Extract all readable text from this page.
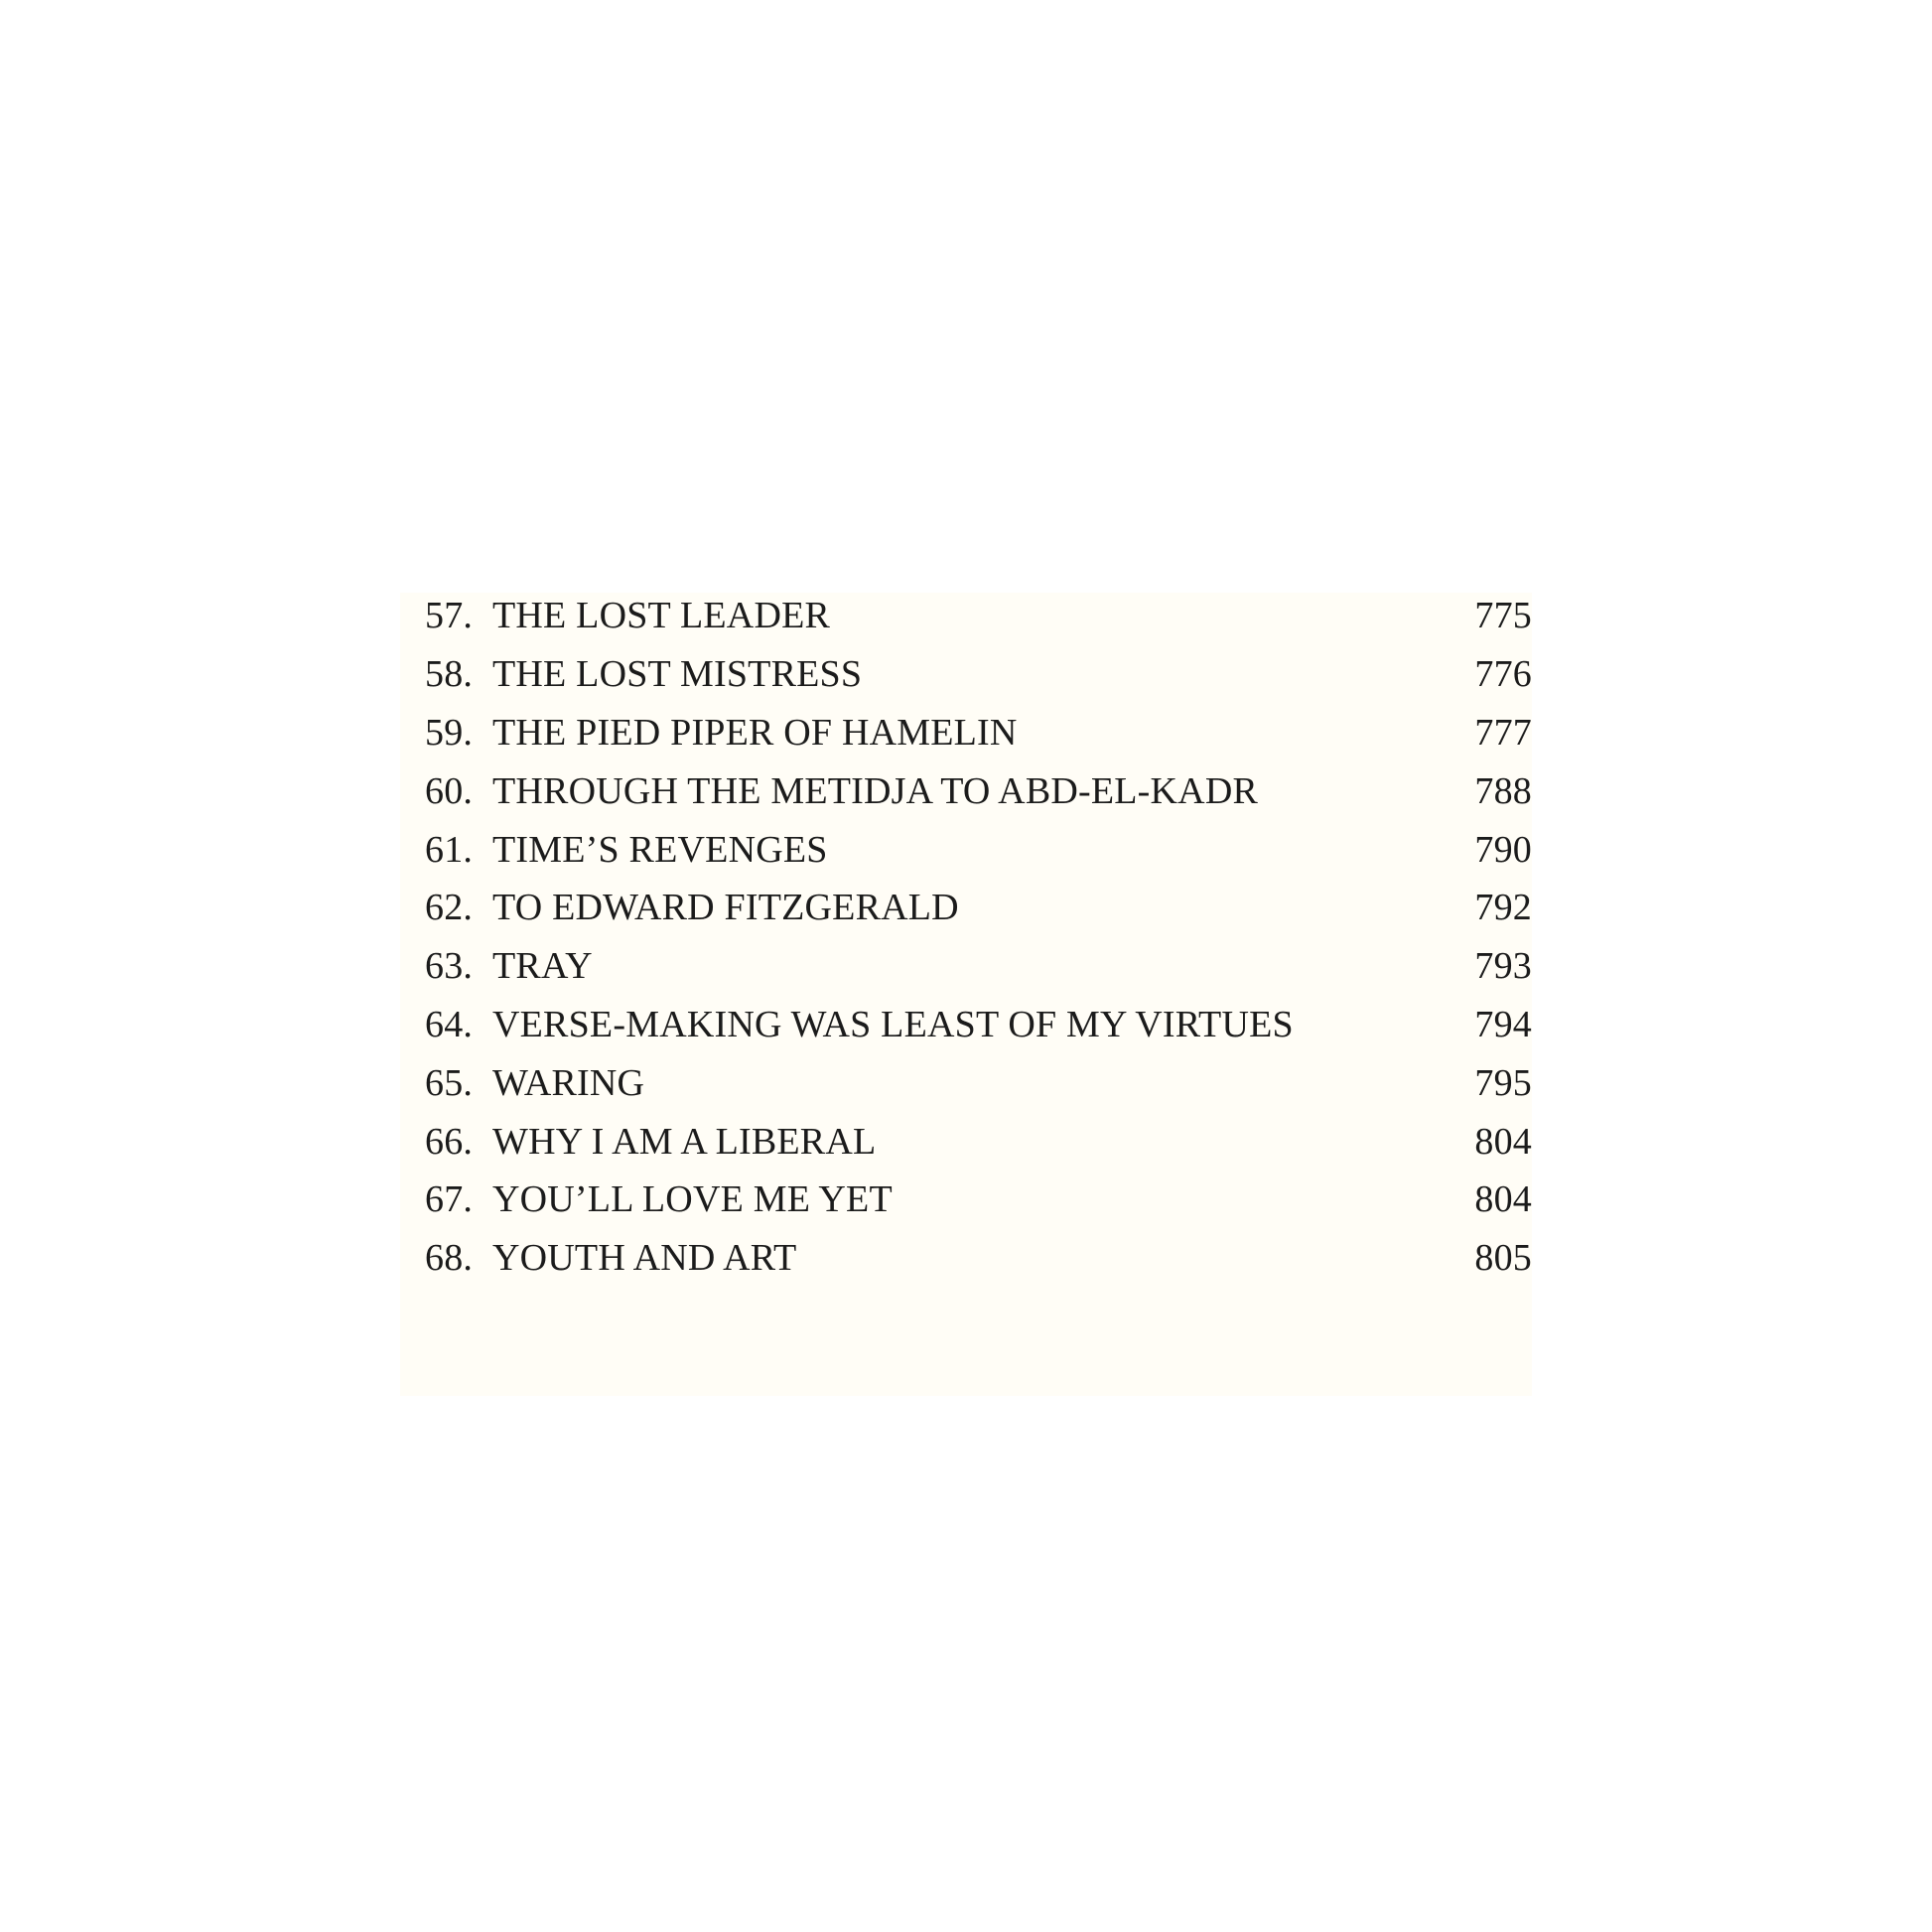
57. THE LOST LEADER	775
58. THE LOST MISTRESS	776
59. THE PIED PIPER OF HAMELIN	777
60. THROUGH THE METIDJA TO ABD-EL-KADR	788
61. TIME’S REVENGES	790
62. TO EDWARD FITZGERALD	792
63. TRAY	793
64. VERSE-MAKING WAS LEAST OF MY VIRTUES	794
65. WARING	795
66. WHY I AM A LIBERAL	804
67. YOU’LL LOVE ME YET	804
68. YOUTH AND ART	805
